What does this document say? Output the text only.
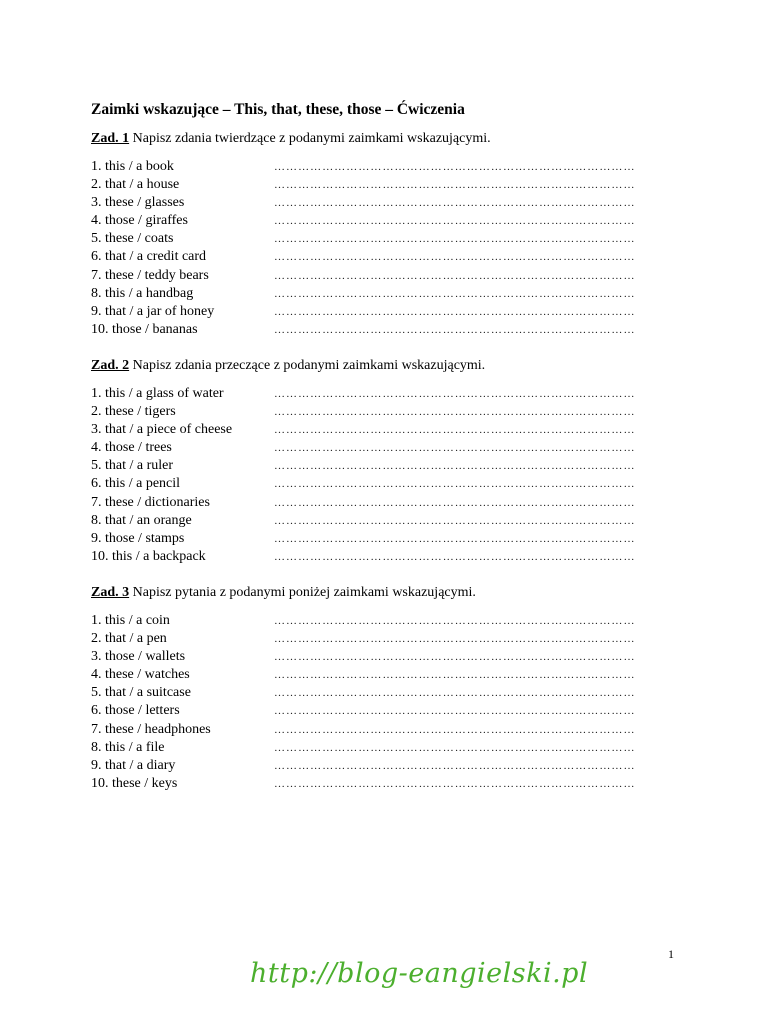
Zaimki wskazujące – This, that, these, those – Ćwiczenia
Zad. 1 Napisz zdania twierdzące z podanymi zaimkami wskazującymi.
1. this / a book	………………………………………………………………………………
2. that / a house	………………………………………………………………………………
3. these / glasses	………………………………………………………………………………
4. those / giraffes	………………………………………………………………………………
5. these / coats	………………………………………………………………………………
6. that / a credit card	………………………………………………………………………………
7. these / teddy bears	………………………………………………………………………………
8. this / a handbag	………………………………………………………………………………
9. that / a jar of honey	………………………………………………………………………………
10. those / bananas	………………………………………………………………………………
Zad. 2 Napisz zdania przeczące z podanymi zaimkami wskazującymi.
1. this / a glass of water	………………………………………………………………………………
2. these / tigers	………………………………………………………………………………
3. that / a piece of cheese	………………………………………………………………………………
4. those / trees	………………………………………………………………………………
5. that / a ruler	………………………………………………………………………………
6. this / a pencil	………………………………………………………………………………
7. these / dictionaries	………………………………………………………………………………
8. that / an orange	………………………………………………………………………………
9. those / stamps	………………………………………………………………………………
10. this / a backpack	………………………………………………………………………………
Zad. 3 Napisz pytania z podanymi poniżej zaimkami wskazującymi.
1. this / a coin	………………………………………………………………………………
2. that / a pen	………………………………………………………………………………
3. those / wallets	………………………………………………………………………………
4. these / watches	………………………………………………………………………………
5. that / a suitcase	………………………………………………………………………………
6. those / letters	………………………………………………………………………………
7. these / headphones	………………………………………………………………………………
8. this / a file	………………………………………………………………………………
9. that / a diary	………………………………………………………………………………
10. these / keys	………………………………………………………………………………
1
http://blog-eangielski.pl
